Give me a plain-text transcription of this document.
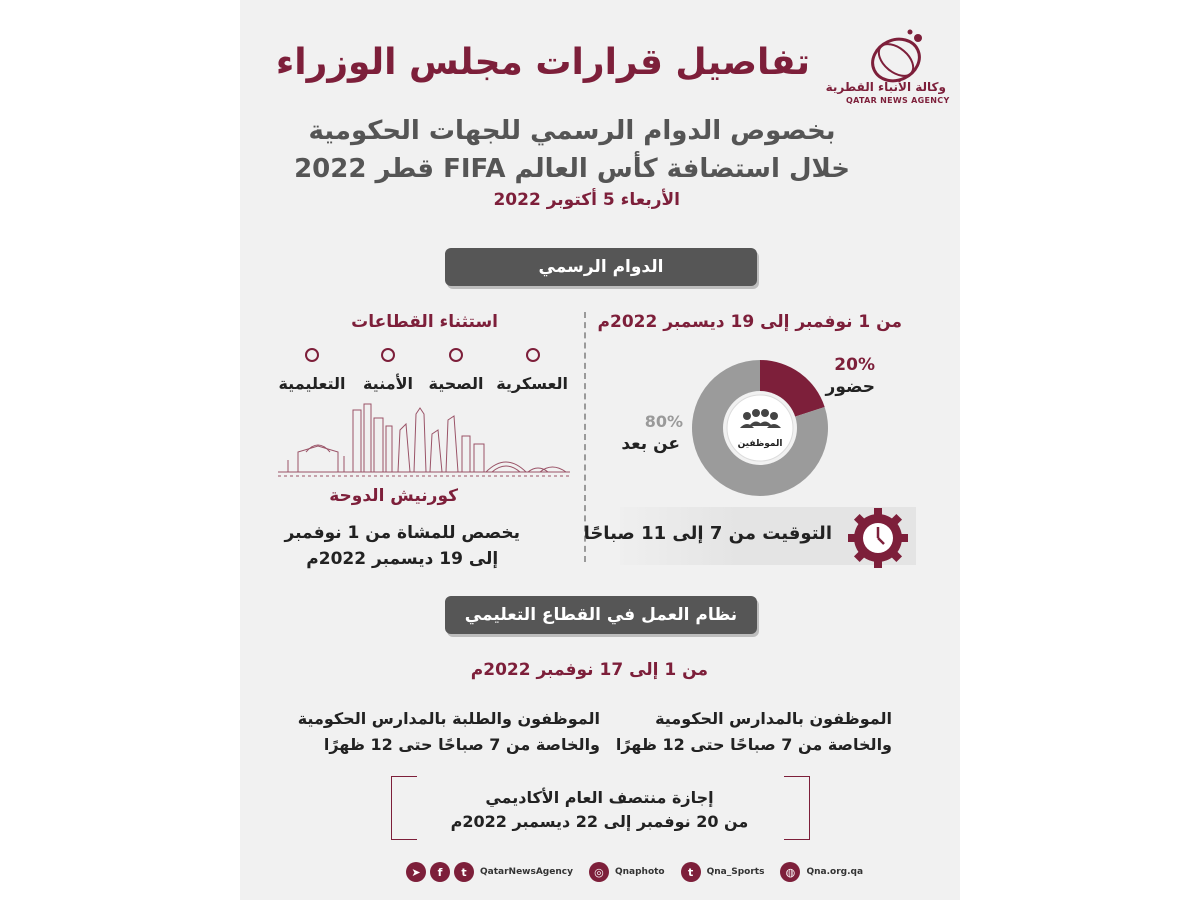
وكالة الأنباء القطرية
QATAR NEWS AGENCY
تفاصيل قرارات مجلس الوزراء
بخصوص الدوام الرسمي للجهات الحكومية
خلال استضافة كأس العالم FIFA قطر 2022
الأربعاء 5 أكتوبر 2022
الدوام الرسمي
من 1 نوفمبر إلى 19 ديسمبر 2022م
الموظفين
20%
حضور
80%
عن بعد
التوقيت من 7 إلى 11 صباحًا
استثناء القطاعات
العسكرية
الصحية
الأمنية
التعليمية
كورنيش الدوحة
يخصص للمشاة من 1 نوفمبر
إلى 19 ديسمبر 2022م
نظام العمل في القطاع التعليمي
من 1 إلى 17 نوفمبر 2022م
الموظفون بالمدارس الحكومية
والخاصة من 7 صباحًا حتى 12 ظهرًا
الموظفون والطلبة بالمدارس الحكومية
والخاصة من 7 صباحًا حتى 12 ظهرًا
إجازة منتصف العام الأكاديمي
من 20 نوفمبر إلى 22 ديسمبر 2022م
➤	f	t	QatarNewsAgency	◎	Qnaphoto	t	Qna_Sports	◍	Qna.org.qa
